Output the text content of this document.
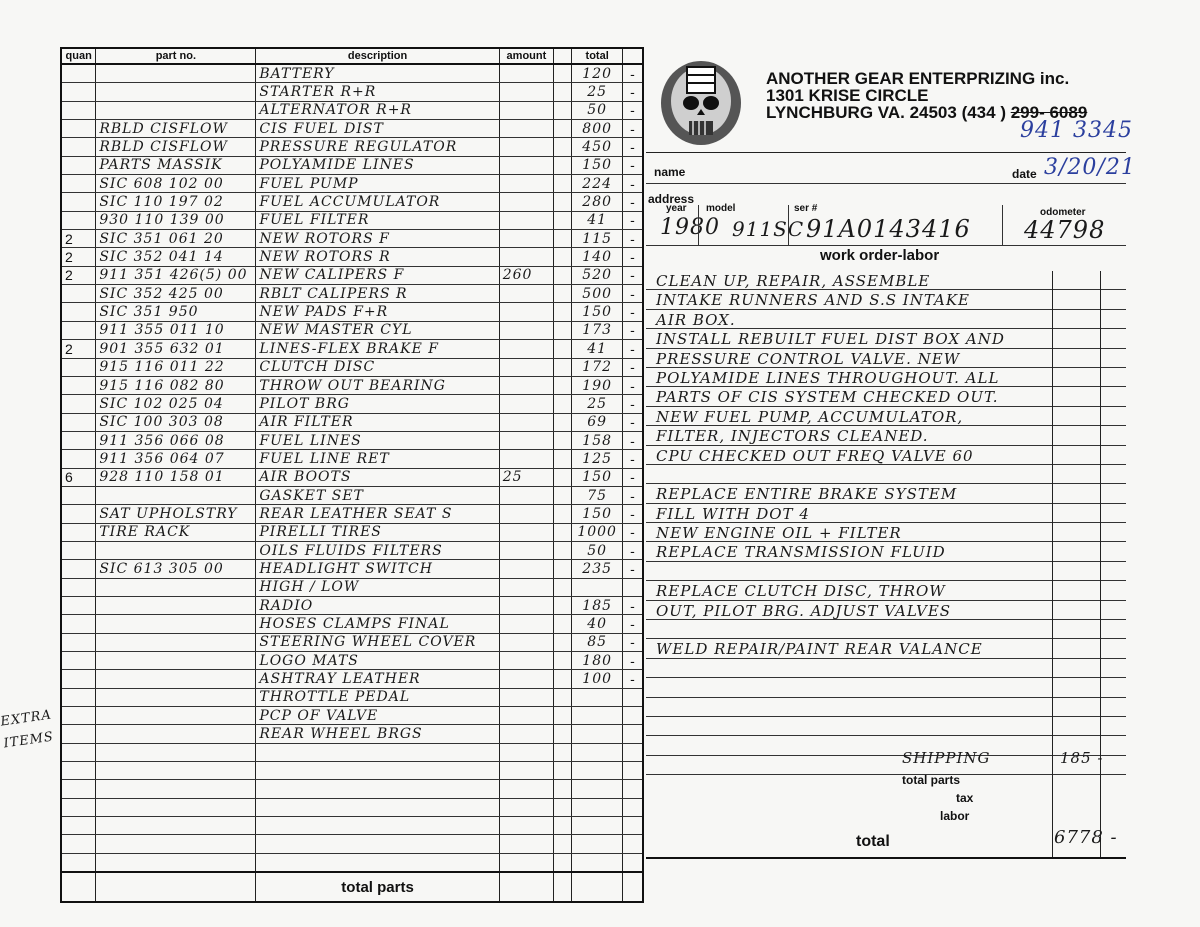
quan	part no.	description	amount		total	
		BATTERY			120	-
		STARTER R+R			25	-
		ALTERNATOR R+R			50	-
	RBLD CISFLOW	CIS FUEL DIST			800	-
	RBLD CISFLOW	PRESSURE REGULATOR			450	-
	PARTS MASSIK	POLYAMIDE LINES			150	-
	SIC 608 102 00	FUEL PUMP			224	-
	SIC 110 197 02	FUEL ACCUMULATOR			280	-
	930 110 139 00	FUEL FILTER			41	-
2	SIC 351 061 20	NEW ROTORS F			115	-
2	SIC 352 041 14	NEW ROTORS R			140	-
2	911 351 426(5) 00	NEW CALIPERS F	260		520	-
	SIC 352 425 00	RBLT CALIPERS R			500	-
	SIC 351 950	NEW PADS F+R			150	-
	911 355 011 10	NEW MASTER CYL			173	-
2	901 355 632 01	LINES-FLEX BRAKE F			41	-
	915 116 011 22	CLUTCH DISC			172	-
	915 116 082 80	THROW OUT BEARING			190	-
	SIC 102 025 04	PILOT BRG			25	-
	SIC 100 303 08	AIR FILTER			69	-
	911 356 066 08	FUEL LINES			158	-
	911 356 064 07	FUEL LINE RET			125	-
6	928 110 158 01	AIR BOOTS	25		150	-
		GASKET SET			75	-
	SAT UPHOLSTRY	REAR LEATHER SEAT S			150	-
	TIRE RACK	PIRELLI TIRES			1000	-
		OILS FLUIDS FILTERS			50	-
	SIC 613 305 00	HEADLIGHT SWITCH			235	-
		HIGH / LOW				
		RADIO			185	-
		HOSES CLAMPS FINAL			40	-
		STEERING WHEEL COVER			85	-
		LOGO MATS			180	-
		ASHTRAY LEATHER			100	-
		THROTTLE PEDAL				
		PCP OF VALVE				
		REAR WHEEL BRGS				

		total parts				
EXTRA
ITEMS
ANOTHER GEAR ENTERPRIZING inc.
1301 KRISE CIRCLE
LYNCHBURG VA. 24503 (434 ) 299- 6089
941 3345
name	date 3/20/21
address
year model	ser #	odometer
1980 911SC 91A0143416 44798
work order-labor
CLEAN UP, REPAIR, ASSEMBLE
INTAKE RUNNERS AND S.S INTAKE
AIR BOX.
INSTALL REBUILT FUEL DIST BOX AND
PRESSURE CONTROL VALVE. NEW
POLYAMIDE LINES THROUGHOUT. ALL
PARTS OF CIS SYSTEM CHECKED OUT.
NEW FUEL PUMP, ACCUMULATOR,
FILTER, INJECTORS CLEANED.
CPU CHECKED OUT FREQ VALVE 60
REPLACE ENTIRE BRAKE SYSTEM
FILL WITH DOT 4
NEW ENGINE OIL + FILTER
REPLACE TRANSMISSION FLUID
REPLACE CLUTCH DISC, THROW
OUT, PILOT BRG. ADJUST VALVES
WELD REPAIR/PAINT REAR VALANCE
SHIPPING	185 -
total parts
tax
labor
total	6778 -
